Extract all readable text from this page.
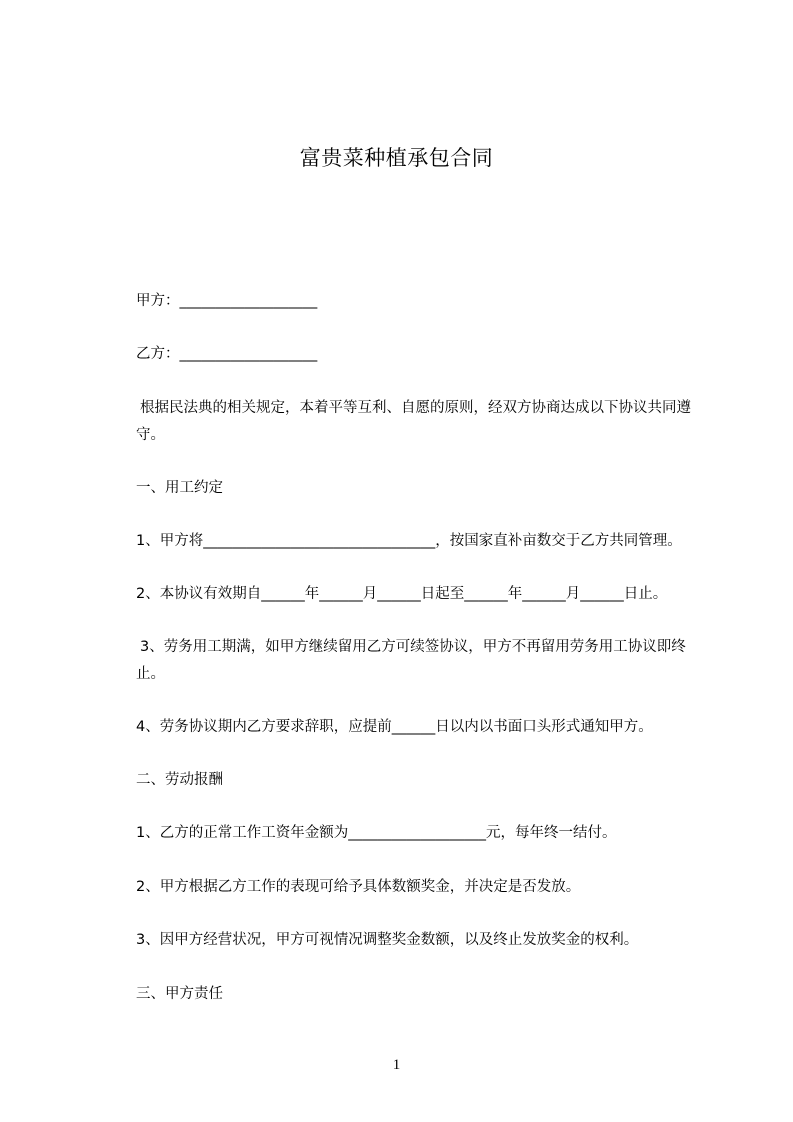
富贵菜种植承包合同
甲方：___________________
乙方：___________________
根据民法典的相关规定，本着平等互利、自愿的原则，经双方协商达成以下协议共同遵守。
一、用工约定
1、甲方将________________________________，按国家直补亩数交于乙方共同管理。
2、本协议有效期自______年______月______日起至______年______月______日止。
3、劳务用工期满，如甲方继续留用乙方可续签协议，甲方不再留用劳务用工协议即终止。
4、劳务协议期内乙方要求辞职，应提前______日以内以书面口头形式通知甲方。
二、劳动报酬
1、乙方的正常工作工资年金额为___________________元，每年终一结付。
2、甲方根据乙方工作的表现可给予具体数额奖金，并决定是否发放。
3、因甲方经营状况，甲方可视情况调整奖金数额，以及终止发放奖金的权利。
三、甲方责任
1
